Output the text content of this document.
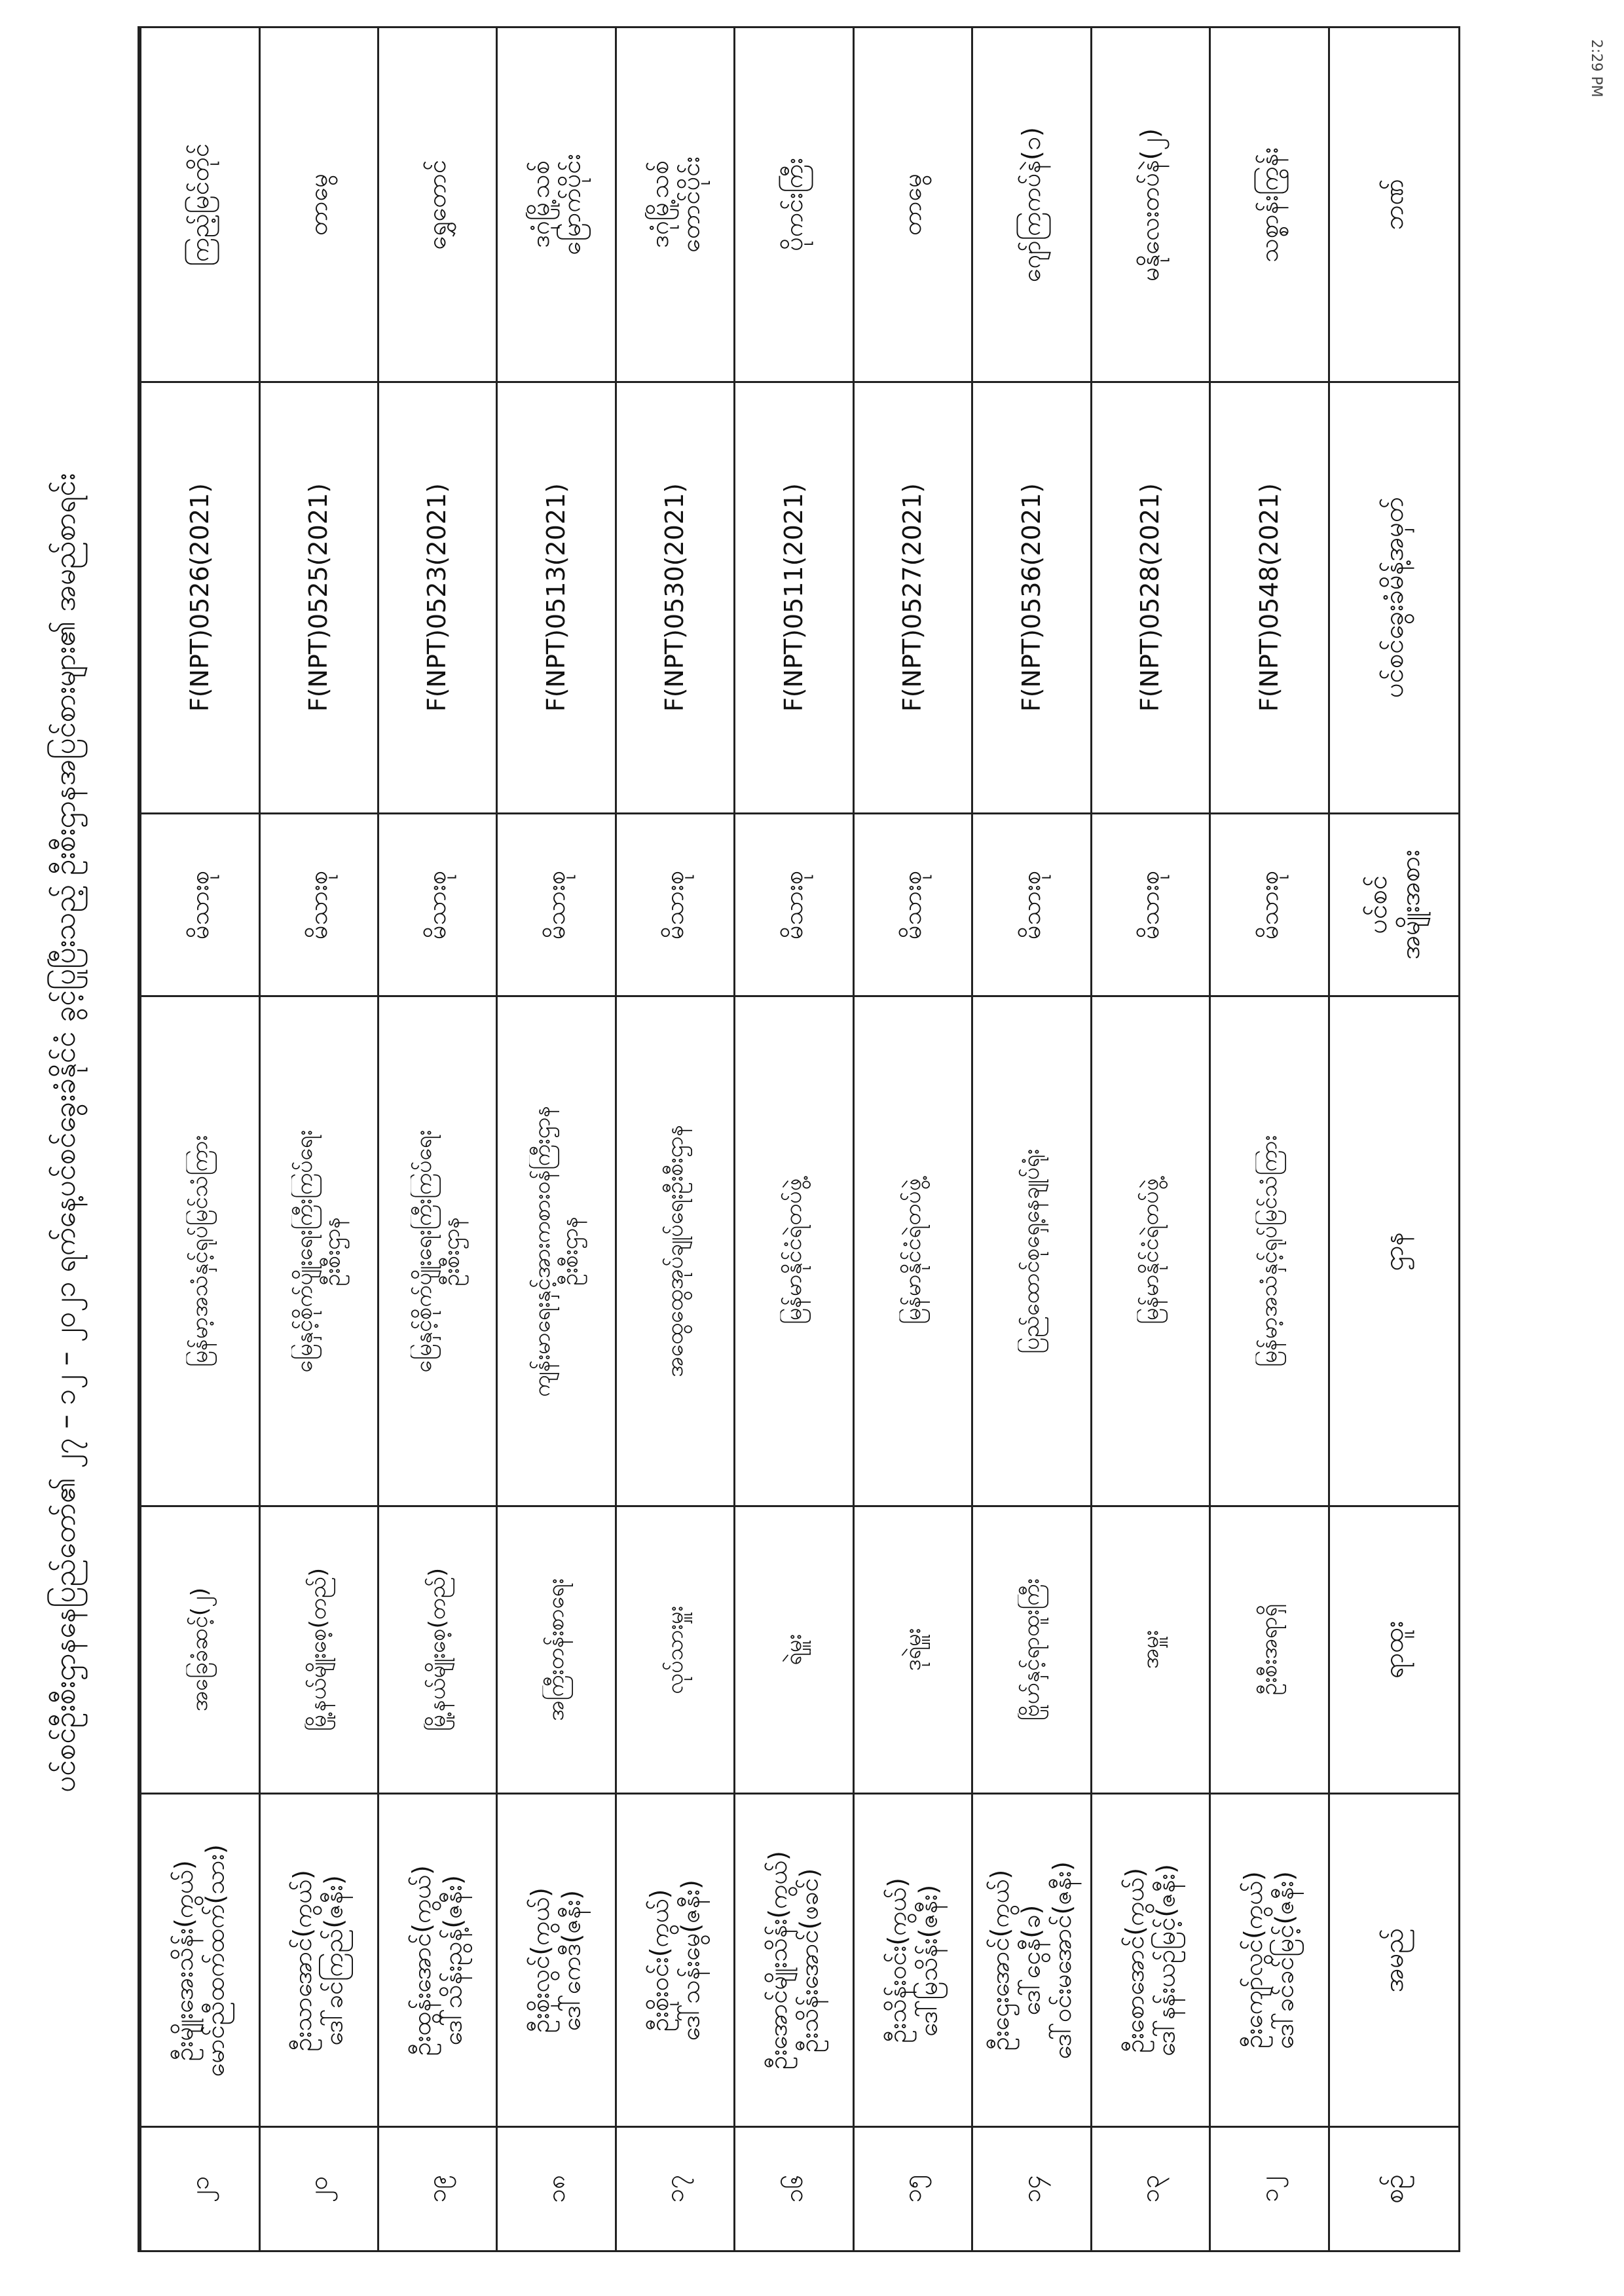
2:29 PM
ပင်စင်ဦးစီးဌာနနေပြည်တော်၏ ၂၇ – ၁၂ – ၂၀၂၁ ရက်နေ့ပင်စင်ခွေးခံနိုင်ငံ ခွင့်ပြုပြီးသည့် ဦးစီးဌာနအပြင်စားများ၏ အမည်စာရင်း
စဉ်
အမည်
ရာထူး
ဌာန
ပင်စင်
အမျိုးအစား
ပင်စင်ခွေးခံမိန့်အမှတ်
ဘဏ်
၁၂
ဦးကျော်လွင်(ကွယ်)
ဒေါ်ခင်ခင်မြင့်(ဇနီး)
ဦးစီးအရာရှိ
မြန်မာ့အသံနှင့်ရုပ်မြင်သံကြား
မိသားစု
F(NPT)0548(2021)
သစ္စာန်းကြွန်း
၁၃
ဦးစောအောင်(ကွယ်)
ဒေါ်နန်းယဉ်မြင့်(ဇနီး)
အမှူး
မြန်မာနိုင်ငံရဲတပ်ဖွဲ့
မိသားစု
F(NPT)0528(2021)
မနိုလေးတပ်နဲ(၂)
၁၄
ဦးဌေးအောင်(ကွယ်)
ဒေါ်ငွေနီ(ခ)
ဒေါ်ဝင်းမအောင်(ဇနီး)
ဗြိုဟ်နှင့်ရာထူးကြီး
ပြည်ထောင်စုရှေ့နေချုပ်ရုံး
မိသားစု
F(NPT)0536(2021)
ဂျော်ကြကပ်နဲ(၁)
၁၅
ဦးသိန်းဝင်း(ကွယ်)
ဒေါ်မြသိန်း(ဇနီး)
ဒုရဲမှူး
မြန်မာနိုင်ငံရဲတပ်ဖွဲ့
မိသားစု
F(NPT)0527(2021)
တာမွေ
၁၆
ဦးအောင်မျိုးသိန်း(ကွယ်)
ဦးသိန်းအောင်(ဖခင်)
ရဲမှူး
မြန်မာနိုင်ငံရဲတပ်ဖွဲ့
မိသားစု
F(NPT)0511(2021)
ပိုကင်းကြီး
၁၇
ဦးစိုးဝင်း(ကွယ်)
ဒေါ်သန်းမွေ(ဇနီး)
လုပ်သားမှူး
အထွေထွေအုပ်ချုပ်ရေးဦးစီးဌာန
မိသားစု
F(NPT)0530(2021)
ဒဂုံမြို့သစ်
တောင်ပိုင်း
၁၈
ဦးစိုးလွင်(ကွယ်)
ဒေါ်ကေဒီ(ဇနီး)
အကြီးတန်းစာရေး
ကျန်းမာရေးနှင့်အားကစားဝန်ကြီးဌာန
ဦးစီးဌာန
မိသားစု
F(NPT)0513(2021)
ဒဂုံမြို့သစ်
မြောက်ပိုင်း
၁၉
ဦးထွန်းအောင်(ကွယ်)
ဒေါ်သိန်းညွန့်(ဇနီး)
မြို့နယ်မျိုးစေ့(တည်)
မြေနှင့်စိုက်ပျိုးရေးကြီးကြပ်ရေး
ဦးစီးဌာန
မိသားစု
F(NPT)0523(2021)
ရွှေတောင်
၂၀
ဦးသာအောင်(ကွယ်)
ဒေါ်ခင်ကြည်(ဇနီး)
မြို့နယ်မျိုးစေ့(တည်)
မြေနှင့်စိုက်ပျိုးရေးကြီးကြပ်ရေး
ဦးစီးဌာန
မိသားစု
F(NPT)0525(2021)
တာမွေ
၂၁
ဦးမျိုးအေးသိန်း(ကွယ်)
မောင်ညီထက်ထက်(သား)
အခြေခံဆင့်(၂)
မြန်မာ့အသံနှင့်ရုပ်မြင်သံကြား
မိသားစု
F(NPT)0526(2021)
ကြည့်မြင်တိုင်
